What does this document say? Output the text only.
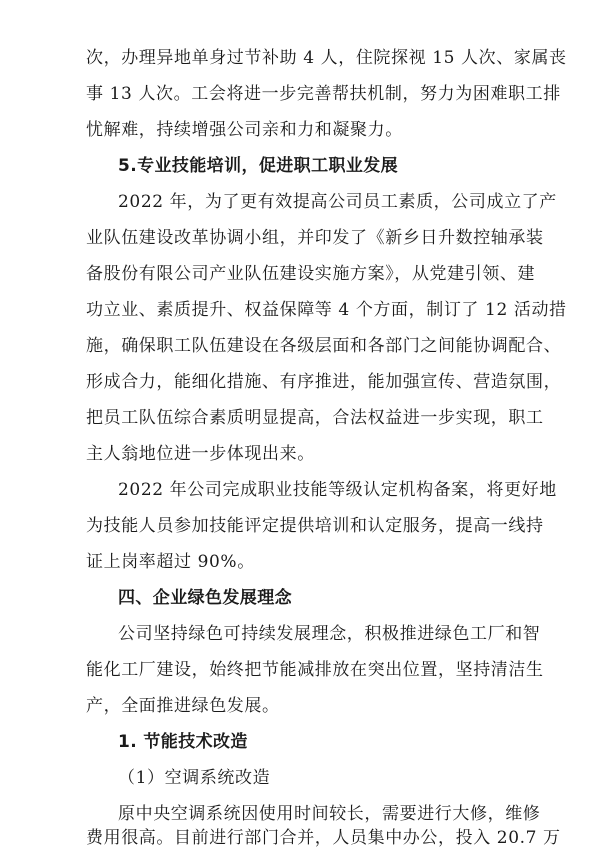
次，办理异地单身过节补助 4 人，住院探视 15 人次、家属丧
事 13 人次。工会将进一步完善帮扶机制，努力为困难职工排
忧解难，持续增强公司亲和力和凝聚力。
5.专业技能培训，促进职工职业发展
2022 年，为了更有效提高公司员工素质，公司成立了产
业队伍建设改革协调小组，并印发了《新乡日升数控轴承装
备股份有限公司产业队伍建设实施方案》，从党建引领、建
功立业、素质提升、权益保障等 4 个方面，制订了 12 活动措
施，确保职工队伍建设在各级层面和各部门之间能协调配合、
形成合力，能细化措施、有序推进，能加强宣传、营造氛围，
把员工队伍综合素质明显提高，合法权益进一步实现，职工
主人翁地位进一步体现出来。
2022 年公司完成职业技能等级认定机构备案，将更好地
为技能人员参加技能评定提供培训和认定服务，提高一线持
证上岗率超过 90%。
四、企业绿色发展理念
公司坚持绿色可持续发展理念，积极推进绿色工厂和智
能化工厂建设，始终把节能减排放在突出位置，坚持清洁生
产，全面推进绿色发展。
1. 节能技术改造
（1）空调系统改造
原中央空调系统因使用时间较长，需要进行大修，维修
费用很高。目前进行部门合并，人员集中办公，投入 20.7 万
